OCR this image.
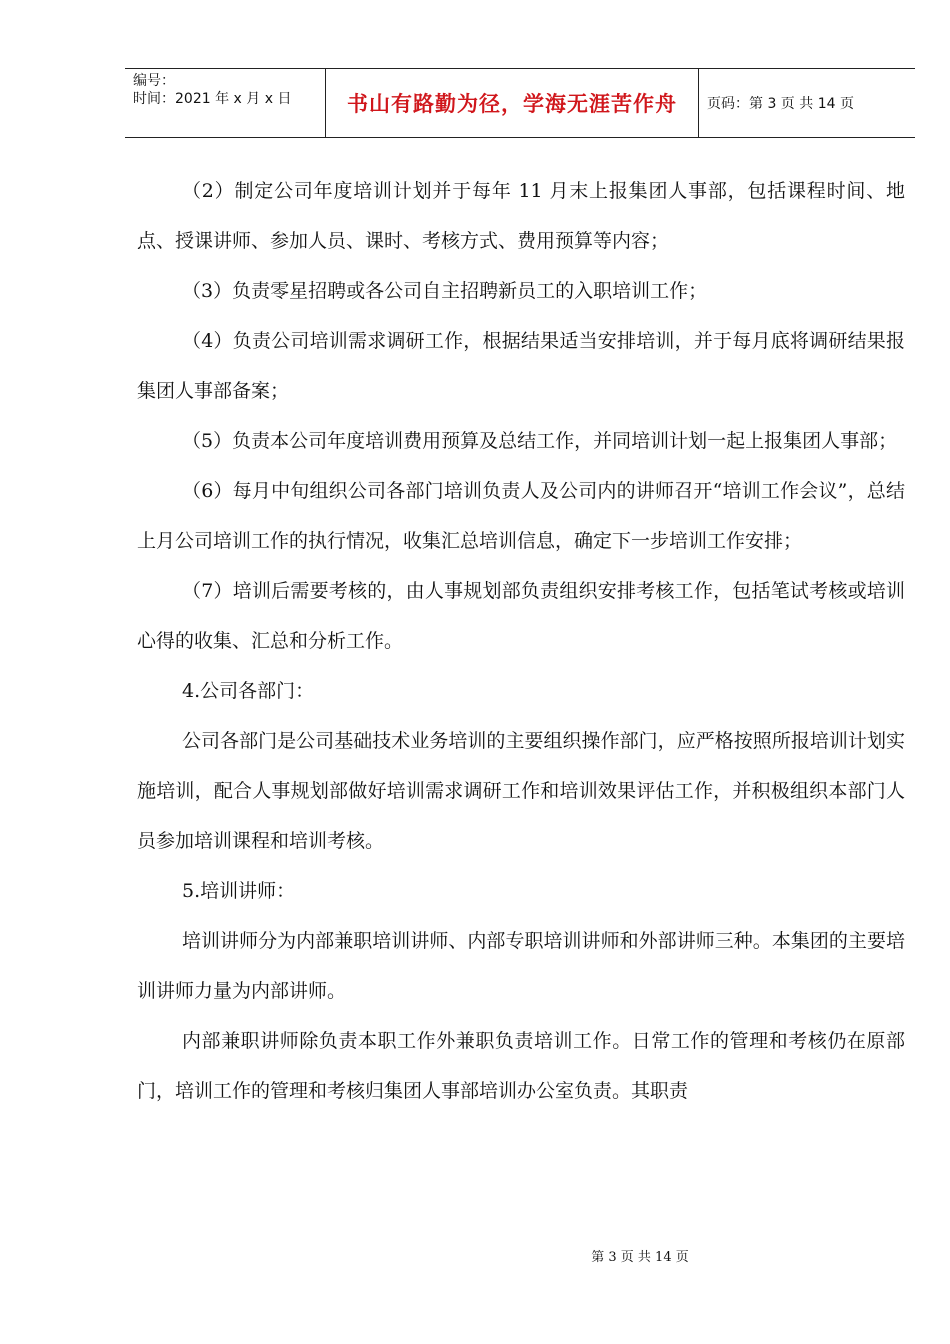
编号：
时间：2021 年 x 月 x 日	书山有路勤为径，学海无涯苦作舟 页码：第 3 页 共 14 页

（2）制定公司年度培训计划并于每年 11 月末上报集团人事部，包括课程时间、地点、授课讲师、参加人员、课时、考核方式、费用预算等内容；

（3）负责零星招聘或各公司自主招聘新员工的入职培训工作；

（4）负责公司培训需求调研工作，根据结果适当安排培训，并于每月底将调研结果报集团人事部备案；

（5）负责本公司年度培训费用预算及总结工作，并同培训计划一起上报集团人事部；

（6）每月中旬组织公司各部门培训负责人及公司内的讲师召开“培训工作会议”，总结上月公司培训工作的执行情况，收集汇总培训信息，确定下一步培训工作安排；

（7）培训后需要考核的，由人事规划部负责组织安排考核工作，包括笔试考核或培训心得的收集、汇总和分析工作。

4.公司各部门：

公司各部门是公司基础技术业务培训的主要组织操作部门，应严格按照所报培训计划实施培训，配合人事规划部做好培训需求调研工作和培训效果评估工作，并积极组织本部门人员参加培训课程和培训考核。

5.培训讲师：

培训讲师分为内部兼职培训讲师、内部专职培训讲师和外部讲师三种。本集团的主要培训讲师力量为内部讲师。

内部兼职讲师除负责本职工作外兼职负责培训工作。日常工作的管理和考核仍在原部门，培训工作的管理和考核归集团人事部培训办公室负责。其职责

第 3 页 共 14 页
